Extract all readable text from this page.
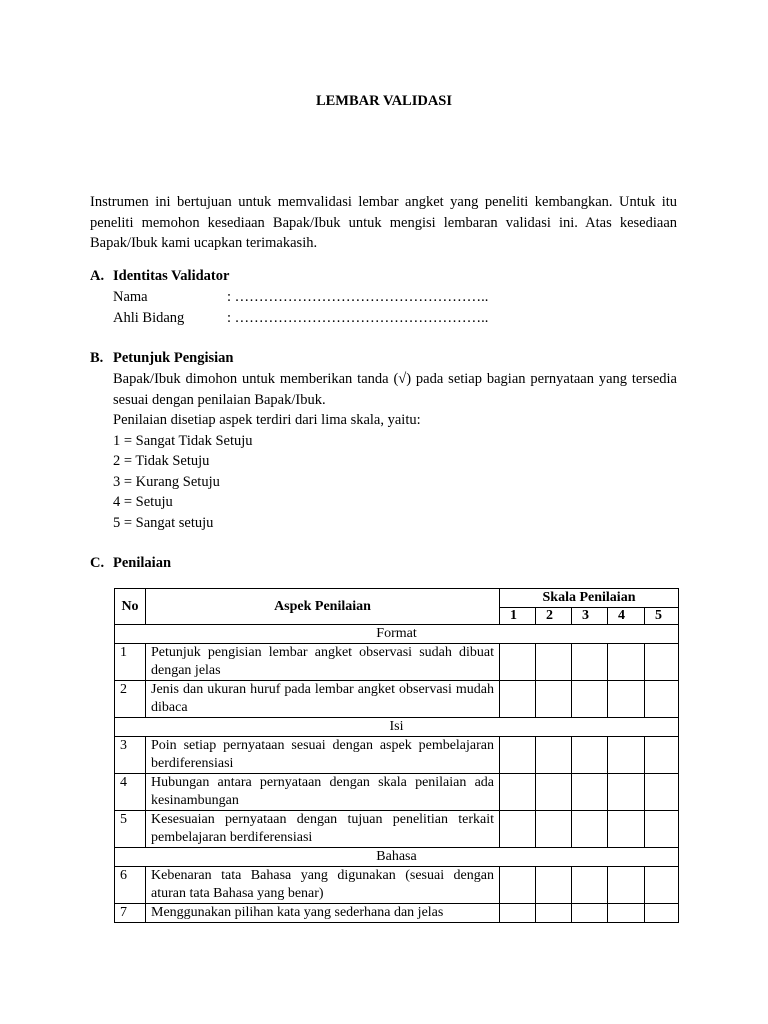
LEMBAR VALIDASI

Instrumen ini bertujuan untuk memvalidasi lembar angket yang peneliti kembangkan. Untuk itu peneliti memohon kesediaan Bapak/Ibuk untuk mengisi lembaran validasi ini. Atas kesediaan Bapak/Ibuk kami ucapkan terimakasih.

A. Identitas Validator
Nama	: ……………………………………………..
Ahli Bidang	: ……………………………………………..
B. Petunjuk Pengisian
Bapak/Ibuk dimohon untuk memberikan tanda (√) pada setiap bagian pernyataan yang tersedia sesuai dengan penilaian Bapak/Ibuk.
Penilaian disetiap aspek terdiri dari lima skala, yaitu:
1 = Sangat Tidak Setuju
2 = Tidak Setuju
3 = Kurang Setuju
4 = Setuju
5 = Sangat setuju
C. Penilaian
No	Aspek Penilaian	Skala Penilaian				
		1	2	3	4	5
Format						
1	Petunjuk pengisian lembar angket observasi sudah dibuat dengan jelas					
2	Jenis dan ukuran huruf pada lembar angket observasi mudah dibaca					
Isi						
3	Poin setiap pernyataan sesuai dengan aspek pembelajaran berdiferensiasi					
4	Hubungan antara pernyataan dengan skala penilaian ada kesinambungan					
5	Kesesuaian pernyataan dengan tujuan penelitian terkait pembelajaran berdiferensiasi					
Bahasa						
6	Kebenaran tata Bahasa yang digunakan (sesuai dengan aturan tata Bahasa yang benar)					
7	Menggunakan pilihan kata yang sederhana dan jelas					
